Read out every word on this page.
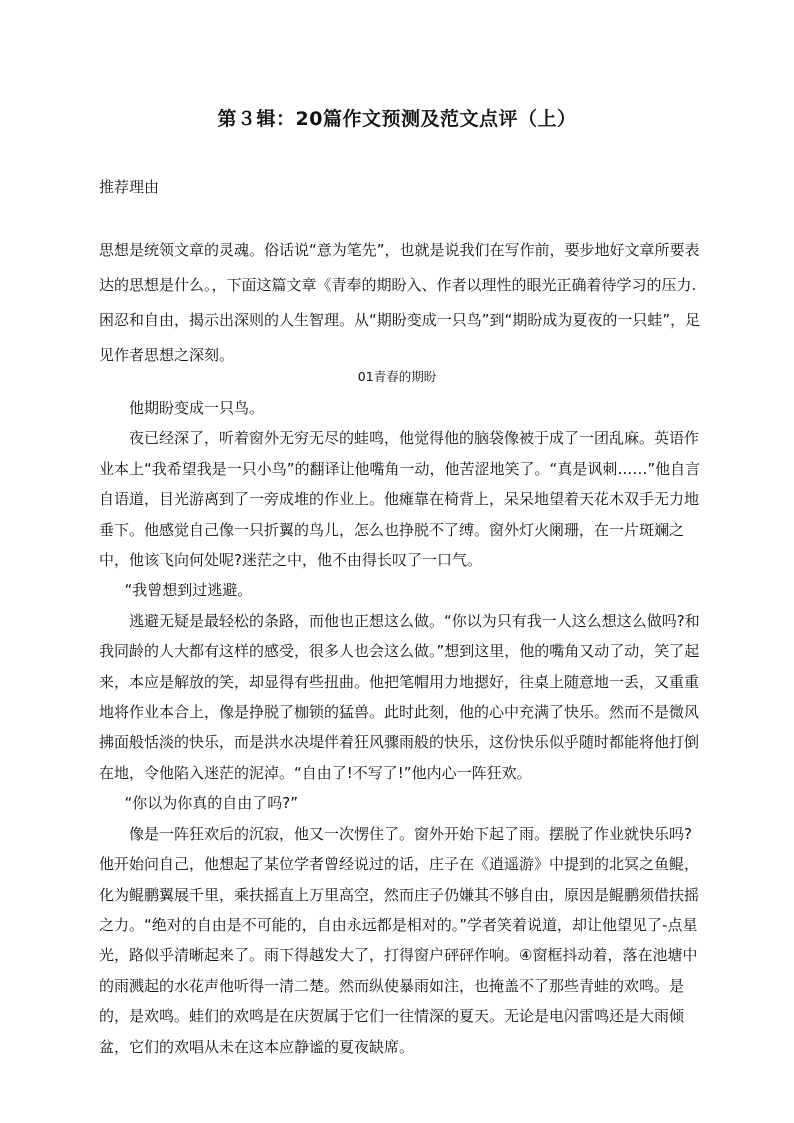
第３辑：20篇作文预测及范文点评（上）

推荐理由

思想是统领文章的灵魂。俗话说“意为笔先”，也就是说我们在写作前，要步地好文章所要表达的思想是什么。，下面这篇文章《青奉的期盼入、作者以理性的眼光正确着待学习的压力.困忍和自由，揭示出深则的人生智理。从“期盼变成一只鸟”到“期盼成为夏夜的一只蛙”，足见作者思想之深刻。

01青春的期盼

他期盼变成一只鸟。

夜已经深了，听着窗外无穷无尽的蛙鸣，他觉得他的脑袋像被于成了一团乱麻。英语作业本上“我希望我是一只小鸟”的翻译让他嘴角一动，他苦涩地笑了。“真是讽刺……”他自言自语道，目光游离到了一旁成堆的作业上。他瘫靠在椅背上，呆呆地望着天花木双手无力地垂下。他感觉自己像一只折翼的鸟儿，怎么也挣脱不了缚。窗外灯火阑珊，在一片斑斓之中，他该飞向何处呢?迷茫之中，他不由得长叹了一口气。

“我曾想到过逃避。

逃避无疑是最轻松的条路，而他也正想这么做。“你以为只有我一人这么想这么做吗?和我同龄的人大都有这样的感受，很多人也会这么做。”想到这里，他的嘴角又动了动，笑了起来，本应是解放的笑，却显得有些扭曲。他把笔帽用力地摁好，往桌上随意地一丢，又重重地将作业本合上，像是挣脱了枷锁的猛兽。此时此刻，他的心中充满了快乐。然而不是微风拂面般恬淡的快乐，而是洪水决堤伴着狂风骤雨般的快乐，这份快乐似乎随时都能将他打倒在地，令他陷入迷茫的泥淖。“自由了!不写了!”他内心一阵狂欢。

“你以为你真的自由了吗?”

像是一阵狂欢后的沉寂，他又一次愣住了。窗外开始下起了雨。摆脱了作业就快乐吗?他开始问自己，他想起了某位学者曾经说过的话，庄子在《逍遥游》中提到的北冥之鱼鲲，化为鲲鹏翼展千里，乘扶摇直上万里高空，然而庄子仍嫌其不够自由，原因是鲲鹏须借扶摇之力。“绝对的自由是不可能的，自由永远都是相对的。”学者笑着说道，却让他望见了-点星光，路似乎清晰起来了。雨下得越发大了，打得窗户砰砰作响。④窗框抖动着，落在池塘中的雨溅起的水花声他听得一清二楚。然而纵使暴雨如注，也掩盖不了那些青蛙的欢鸣。是的，是欢鸣。蛙们的欢鸣是在庆贺属于它们一往情深的夏天。无论是电闪雷鸣还是大雨倾盆，它们的欢唱从未在这本应静谧的夏夜缺席。
